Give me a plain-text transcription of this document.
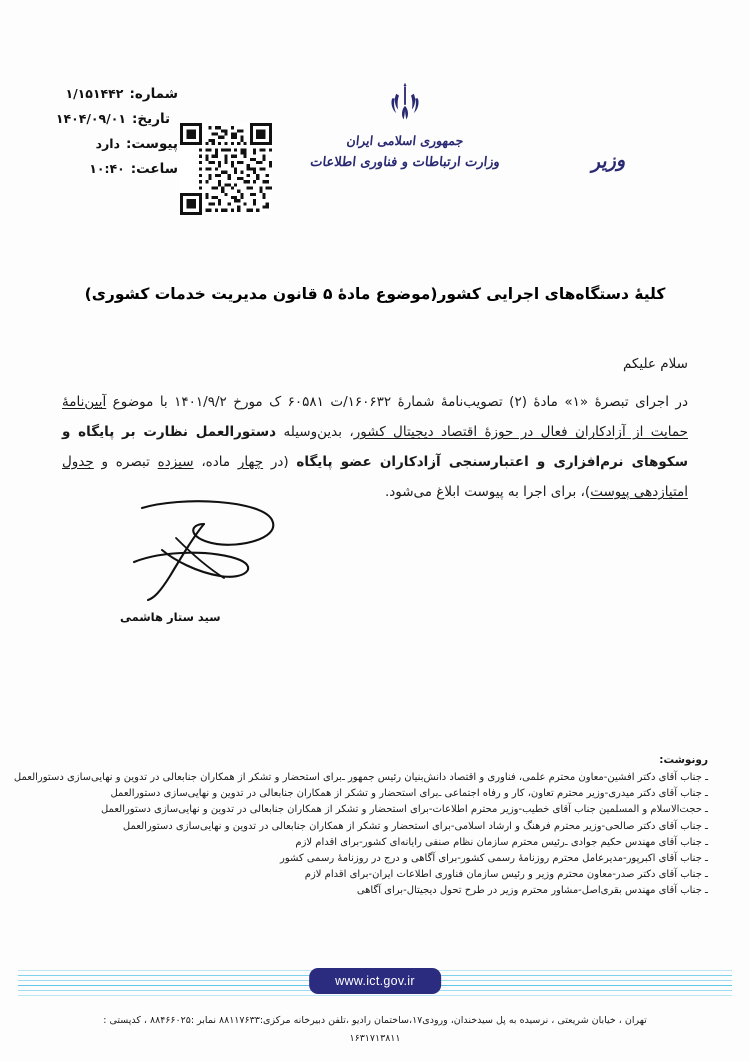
شماره:
۱/۱۵۱۴۴۲
تاریخ:
۱۴۰۴/۰۹/۰۱
پیوست:
دارد
ساعت:
۱۰:۴۰
جمهوری اسلامی ایران
وزارت ارتباطات و فناوری اطلاعات	وزیر
کلیهٔ دستگاه‌های اجرایی کشور(موضوع مادهٔ ۵ قانون مدیریت خدمات کشوری)
سلام علیکم

در اجرای تبصرهٔ «۱» مادهٔ (۲) تصویب‌نامهٔ شمارهٔ ۱۶۰۶۳۲/ت ۶۰۵۸۱ ک مورخ ۱۴۰۱/۹/۲ با موضوع آیین‌نامهٔ حمایت از آزادکاران فعال در حوزهٔ اقتصاد دیجیتال کشور، بدین‌وسیله دستورالعمل نظارت بر پایگاه و سکوهای نرم‌افزاری و اعتبارسنجی آزادکاران عضو پایگاه (در چهار ماده، سیزده تبصره و جدول امتیازدهی پیوست)، برای اجرا به پیوست ابلاغ می‌شود.

سید ستار هاشمی
رونوشت:
ـ جناب آقای دکتر افشین‌-معاون محترم علمی، فناوری و اقتصاد دانش‌بنیان رئیس جمهور ـ‌برای استحضار و تشکر از همکاران جنابعالی در تدوین و نهایی‌سازی دستورالعمل
ـ جناب آقای دکتر میدری‌-وزیر محترم تعاون، کار و رفاه اجتماعی ـ‌برای استحضار و تشکر از همکاران جنابعالی در تدوین و نهایی‌سازی دستورالعمل
ـ حجت‌الاسلام و المسلمین جناب آقای خطیب‌-وزیر محترم اطلاعات‌-برای استحضار و تشکر از همکاران جنابعالی در تدوین و نهایی‌سازی دستورالعمل
ـ جناب آقای دکتر صالحی‌-وزیر محترم فرهنگ و ارشاد اسلامی‌-برای استحضار و تشکر از همکاران جنابعالی در تدوین و نهایی‌سازی دستورالعمل
ـ جناب آقای مهندس حکیم جوادی ـ‌رئیس محترم سازمان نظام صنفی رایانه‌ای کشور‌-برای اقدام لازم
ـ جناب آقای اکبرپور‌-مدیرعامل محترم روزنامهٔ رسمی کشور‌-برای آگاهی و درج در روزنامهٔ رسمی کشور
ـ جناب آقای دکتر صدر‌-معاون محترم وزیر و رئیس سازمان فناوری اطلاعات ایران‌-برای اقدام لازم
ـ جناب آقای مهندس بقری‌اصل‌-مشاور محترم وزیر در طرح تحول دیجیتال‌-برای آگاهی
www.ict.gov.ir
تهران ، خیابان شریعتی ، نرسیده به پل سیدخندان، ورودی۱۷،ساختمان رادیو ،تلفن دبیرخانه مرکزی:۸۸۱۱۷۶۳۳ نمابر :۸۸۴۶۶۰۲۵ ، کدپستی :
۱۶۳۱۷۱۳۸۱۱
